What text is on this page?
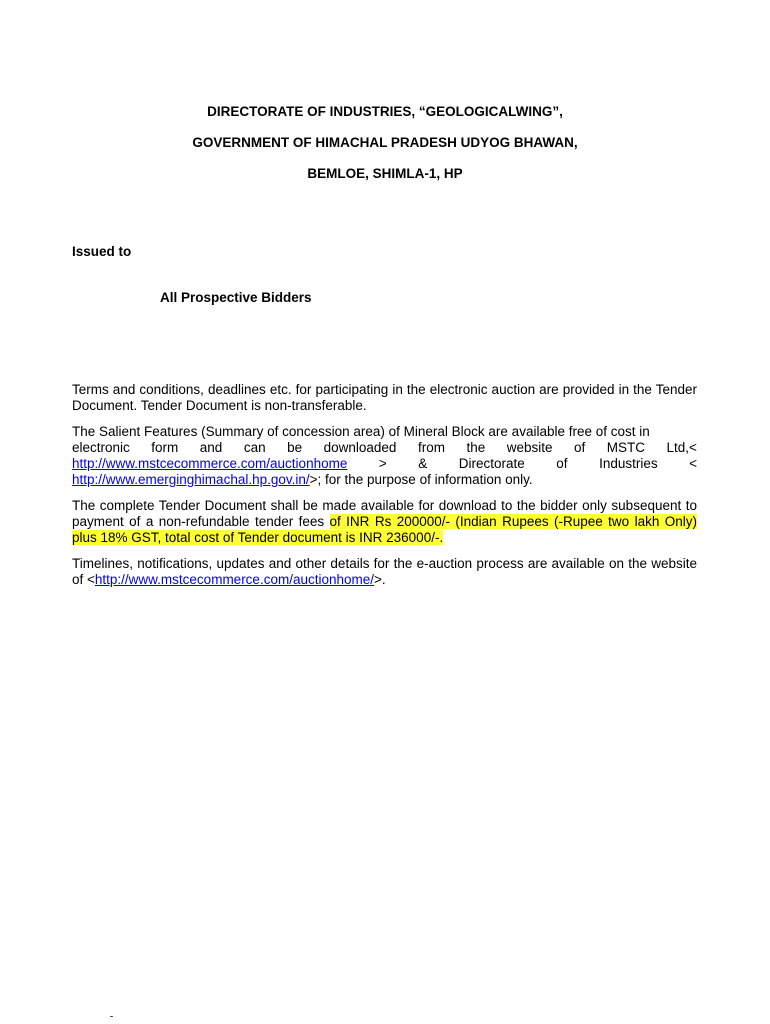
DIRECTORATE OF INDUSTRIES, “GEOLOGICALWING”,
GOVERNMENT OF HIMACHAL PRADESH UDYOG BHAWAN,
BEMLOE, SHIMLA-1, HP
Issued to
All Prospective Bidders

Terms and conditions, deadlines etc. for participating in the electronic auction are provided in the Tender Document. Tender Document is non-transferable.

The Salient Features (Summary of concession area) of Mineral Block are available free of cost in
electronic form and can be downloaded from the website of MSTC Ltd,<
http://www.mstcecommerce.com/auctionhome > & Directorate of Industries <
http://www.emerginghimachal.hp.gov.in/ >; for the purpose of information only.

The complete Tender Document shall be made available for download to the bidder only subsequent to payment of a non-refundable tender fees of INR Rs 200000/- (Indian Rupees (-Rupee two lakh Only) plus 18% GST, total cost of Tender document is INR 236000/-.

Timelines, notifications, updates and other details for the e-auction process are available on the website of <http://www.mstcecommerce.com/auctionhome/>.
